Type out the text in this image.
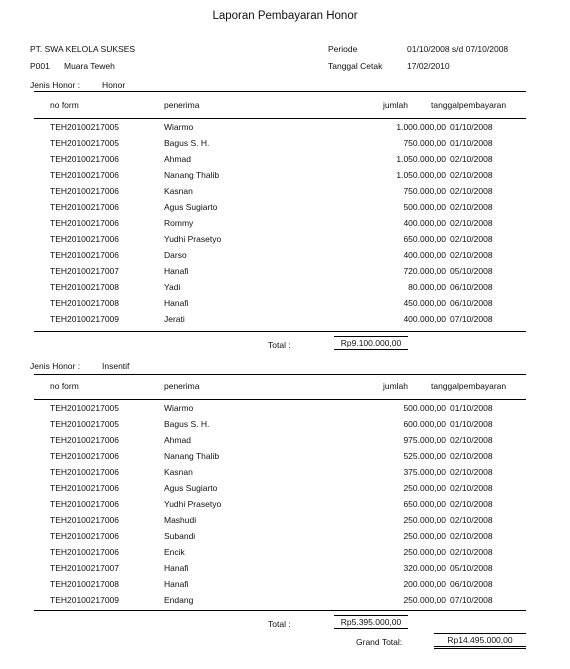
Laporan Pembayaran Honor
PT. SWA KELOLA SUKSES
P001 Muara Teweh
Periode	01/10/2008 s/d 07/10/2008
Tanggal Cetak	17/02/2010
Jenis Honor :	Honor
no form	penerima	jumlah	tanggalpembayaran
TEH20100217005	Wiarmo	1.000.000,00 01/10/2008
TEH20100217005	Bagus S. H.	750.000,00 01/10/2008
TEH20100217006	Ahmad	1.050.000,00 02/10/2008
TEH20100217006	Nanang Thalib	1.050.000,00 02/10/2008
TEH20100217006	Kasnan	750.000,00 02/10/2008
TEH20100217006	Agus Sugiarto	500.000,00 02/10/2008
TEH20100217006	Rommy	400.000,00 02/10/2008
TEH20100217006	Yudhi Prasetyo	650.000,00 02/10/2008
TEH20100217006	Darso	400.000,00 02/10/2008
TEH20100217007	Hanafi	720.000,00 05/10/2008
TEH20100217008	Yadi	80.000,00 06/10/2008
TEH20100217008	Hanafi	450.000,00 06/10/2008
TEH20100217009	Jerati	400.000,00 07/10/2008
Total :	Rp9.100.000,00
Jenis Honor :	Insentif
no form	penerima	jumlah	tanggalpembayaran
TEH20100217005	Wiarmo	500.000,00 01/10/2008
TEH20100217005	Bagus S. H.	600.000,00 01/10/2008
TEH20100217006	Ahmad	975.000,00 02/10/2008
TEH20100217006	Nanang Thalib	525.000,00 02/10/2008
TEH20100217006	Kasnan	375.000,00 02/10/2008
TEH20100217006	Agus Sugiarto	250.000,00 02/10/2008
TEH20100217006	Yudhi Prasetyo	650.000,00 02/10/2008
TEH20100217006	Mashudi	250.000,00 02/10/2008
TEH20100217006	Subandi	250.000,00 02/10/2008
TEH20100217006	Encik	250.000,00 02/10/2008
TEH20100217007	Hanafi	320.000,00 05/10/2008
TEH20100217008	Hanafi	200.000,00 06/10/2008
TEH20100217009	Endang	250.000,00 07/10/2008
Total :	Rp5.395.000,00
Grand Total:	Rp14.495.000,00
